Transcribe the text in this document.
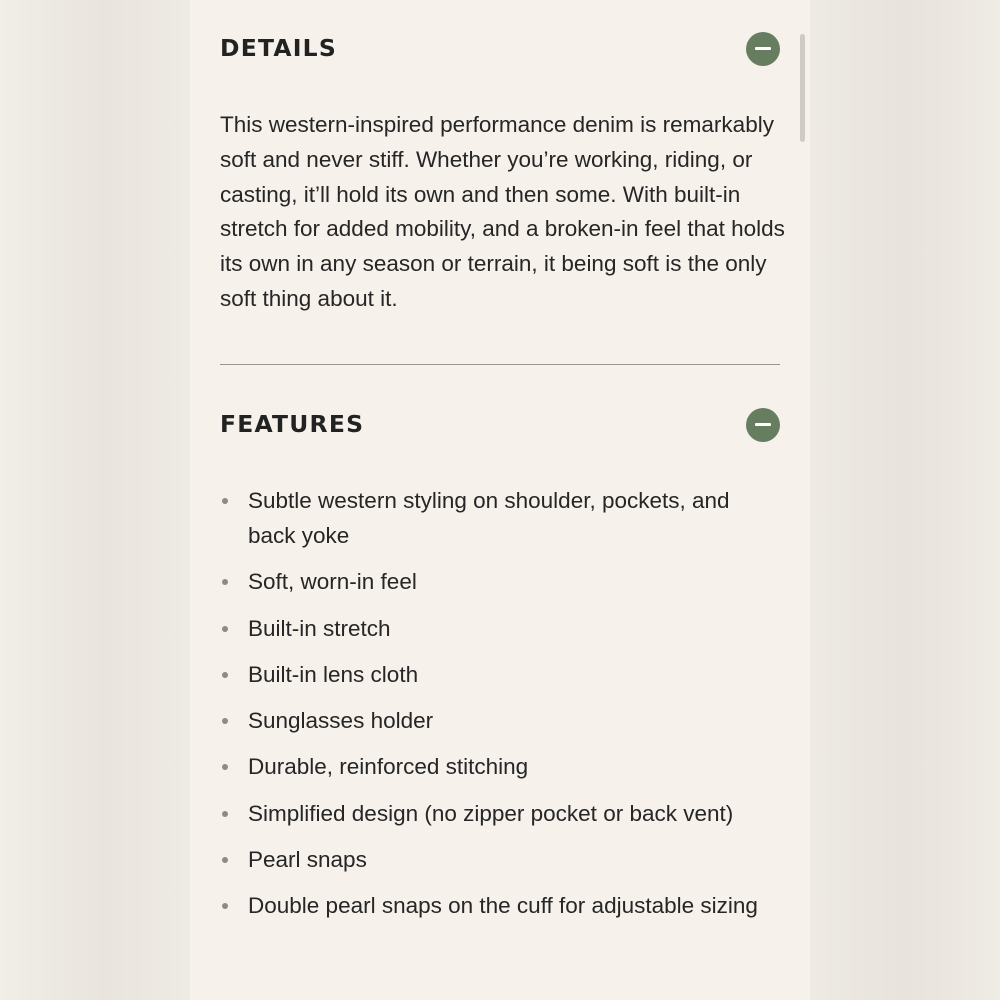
DETAILS

This western-inspired performance denim is remarkably soft and never stiff. Whether you’re working, riding, or casting, it’ll hold its own and then some. With built-in stretch for added mobility, and a broken-in feel that holds its own in any season or terrain, it being soft is the only soft thing about it.

FEATURES
Subtle western styling on shoulder, pockets, and back yoke
Soft, worn-in feel
Built-in stretch
Built-in lens cloth
Sunglasses holder
Durable, reinforced stitching
Simplified design (no zipper pocket or back vent)
Pearl snaps
Double pearl snaps on the cuff for adjustable sizing
